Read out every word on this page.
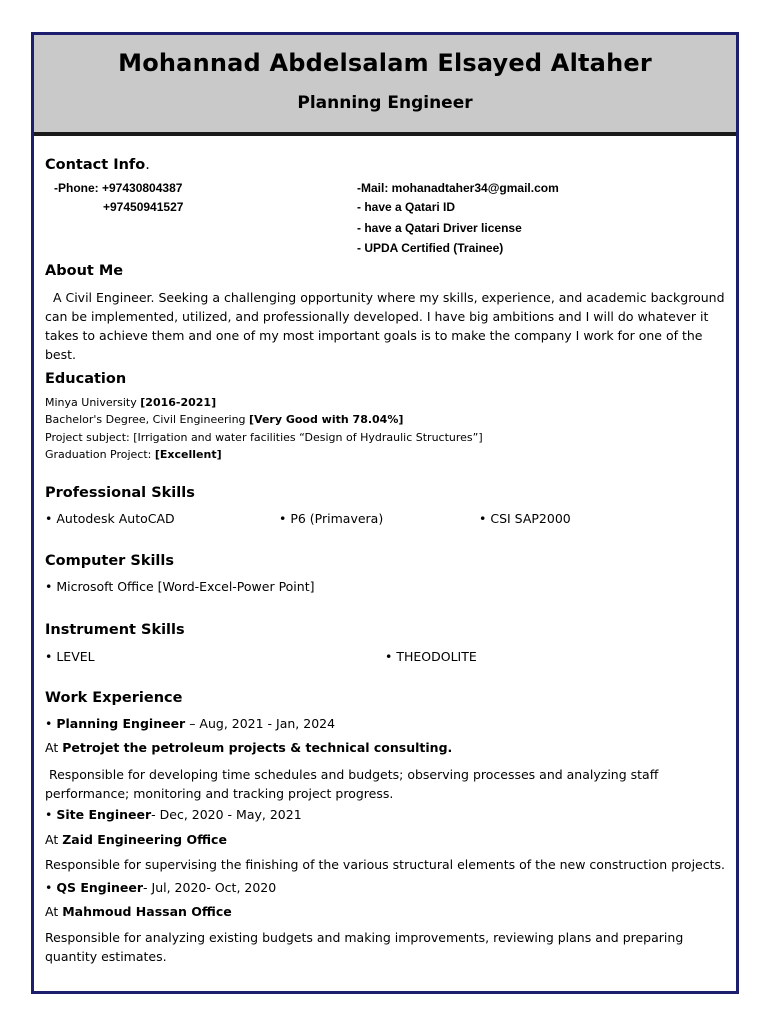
Mohannad Abdelsalam Elsayed Altaher
Planning Engineer
Contact Info.
-Phone: +97430804387
+97450941527
-Mail: mohanadtaher34@gmail.com
- have a Qatari ID
- have a Qatari Driver license
- UPDA Certified (Trainee)
About Me
A Civil Engineer. Seeking a challenging opportunity where my skills, experience, and academic background can be implemented, utilized, and professionally developed. I have big ambitions and I will do whatever it takes to achieve them and one of my most important goals is to make the company I work for one of the best.
Education
Minya University [2016-2021]
Bachelor's Degree, Civil Engineering [Very Good with 78.04%]
Project subject: [Irrigation and water facilities “Design of Hydraulic Structures”]
Graduation Project: [Excellent]
Professional Skills
• Autodesk AutoCAD	• P6 (Primavera)	• CSI SAP2000
Computer Skills
• Microsoft Office [Word-Excel-Power Point]
Instrument Skills
• LEVEL	• THEODOLITE
Work Experience
• Planning Engineer – Aug, 2021 - Jan, 2024
At Petrojet the petroleum projects & technical consulting.
Responsible for developing time schedules and budgets; observing processes and analyzing staff performance; monitoring and tracking project progress.
• Site Engineer- Dec, 2020 - May, 2021
At Zaid Engineering Office
Responsible for supervising the finishing of the various structural elements of the new construction projects.
• QS Engineer- Jul, 2020- Oct, 2020
At Mahmoud Hassan Office
Responsible for analyzing existing budgets and making improvements, reviewing plans and preparing quantity estimates.
